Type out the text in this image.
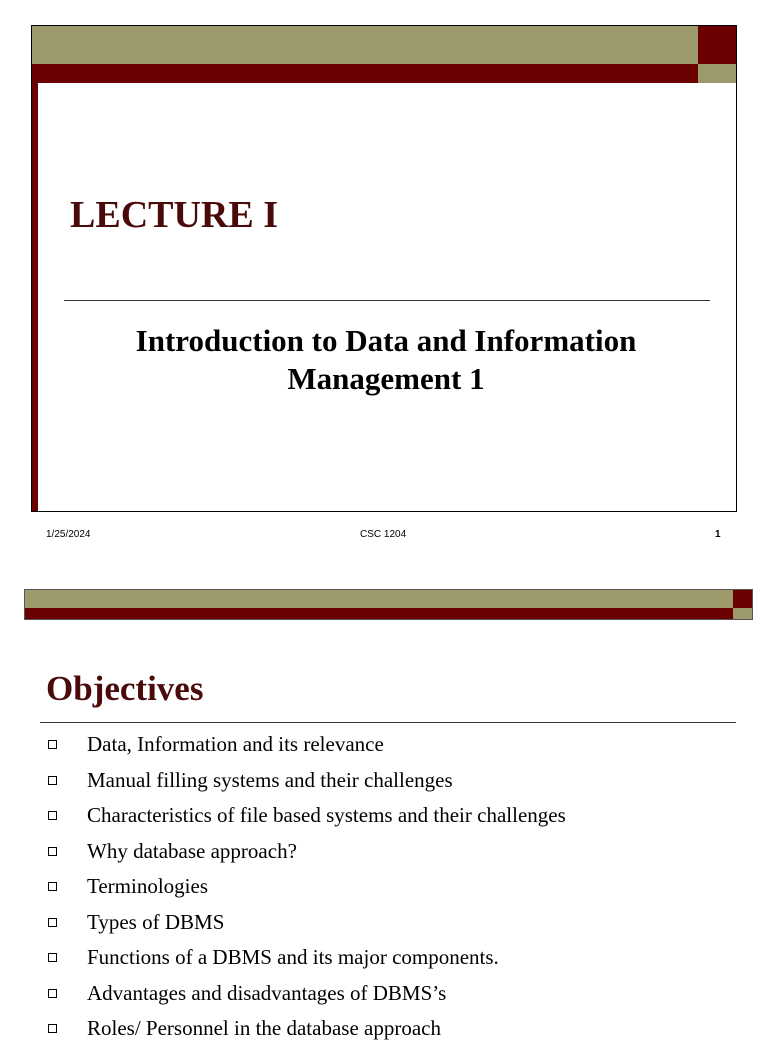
LECTURE I
Introduction to Data and Information Management 1
1/25/2024	CSC 1204	1
Objectives
Data, Information and its relevance
Manual filling systems and their challenges
Characteristics of file based systems and their challenges
Why database approach?
Terminologies
Types of DBMS
Functions of a DBMS and its major components.
Advantages and disadvantages of DBMS’s
Roles/ Personnel in the database approach
